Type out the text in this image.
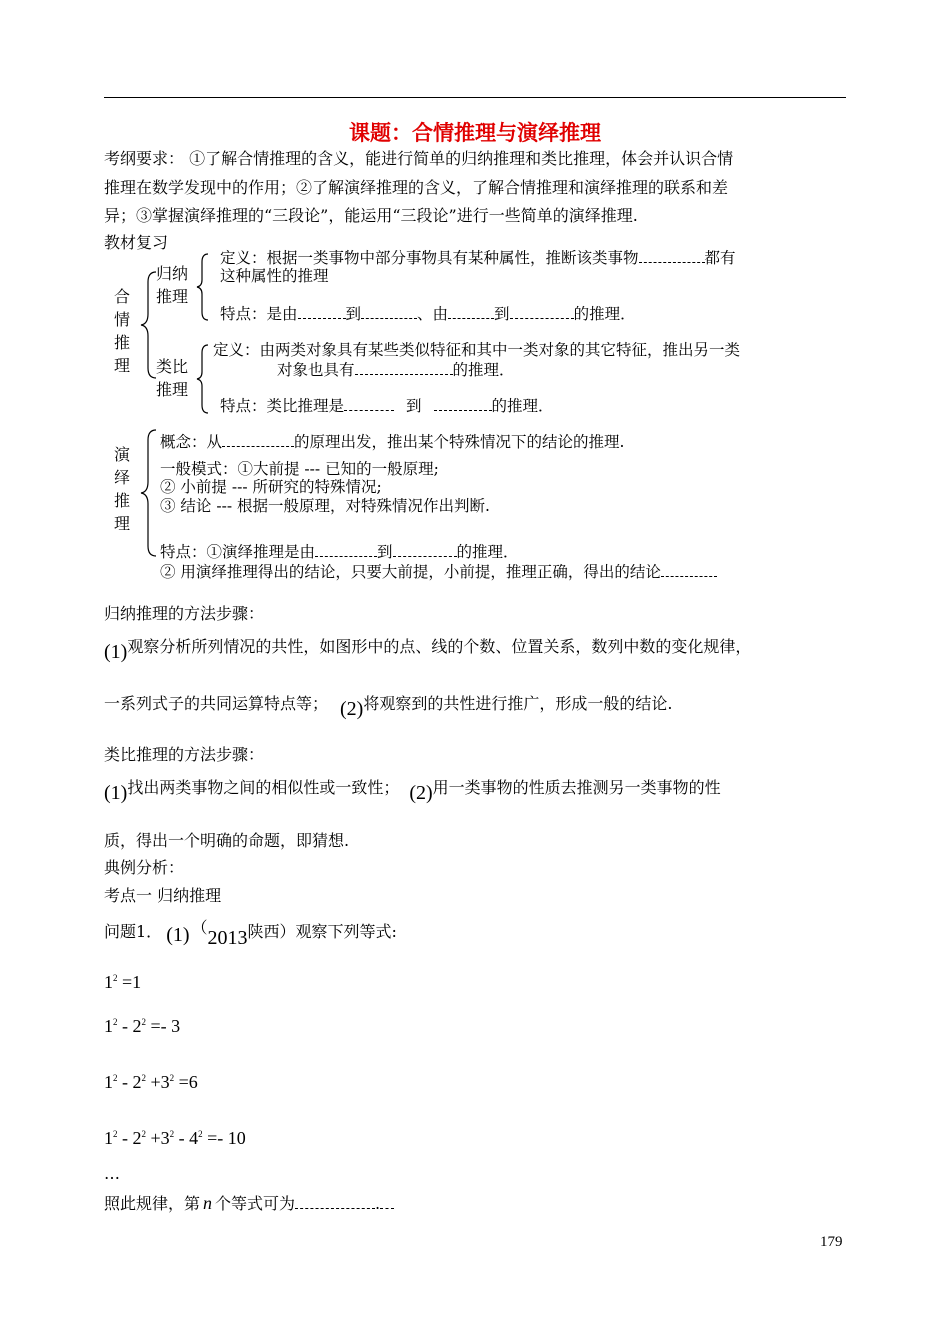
课题：合情推理与演绎推理
考纲要求： ①了解合情推理的含义，能进行简单的归纳推理和类比推理，体会并认识合情
推理在数学发现中的作用；②了解演绎推理的含义，了解合情推理和演绎推理的联系和差
异；③掌握演绎推理的“三段论”，能运用“三段论”进行一些简单的演绎推理.
教材复习
合情推理
归纳
推理
定义：根据一类事物中部分事物具有某种属性，推断该类事物	都有
这种属性的推理
特点：是由	到	、由	到	的推理．
类比
推理
定义：由两类对象具有某些类似特征和其中一类对象的其它特征，推出另一类
对象也具有	的推理．
特点：类比推理是	到	的推理．
演绎推理
概念：从	的原理出发，推出某个特殊情况下的结论的推理.
一般模式：①大前提 --- 已知的一般原理;
② 小前提 --- 所研究的特殊情况;
③ 结论 --- 根据一般原理，对特殊情况作出判断.
特点：①演绎推理是由	到	的推理．
② 用演绎推理得出的结论，只要大前提，小前提，推理正确，得出的结论
归纳推理的方法步骤：
(1)观察分析所列情况的共性，如图形中的点、线的个数、位置关系，数列中数的变化规律，
一系列式子的共同运算特点等； (2)将观察到的共性进行推广，形成一般的结论.
类比推理的方法步骤：
(1)找出两类事物之间的相似性或一致性； (2)用一类事物的性质去推测另一类事物的性
质，得出一个明确的命题，即猜想.
典例分析：
考点一 归纳推理
问题1． (1) （2013陕西）观察下列等式:
$1^2 =1$
$1^2 - 2^2 =- 3$
$1^2 - 2^2 +3^2 =6$
$1^2 - 2^2 +3^2 - 4^2 =- 10$
…
照此规律，第 n 个等式可为	.
179
